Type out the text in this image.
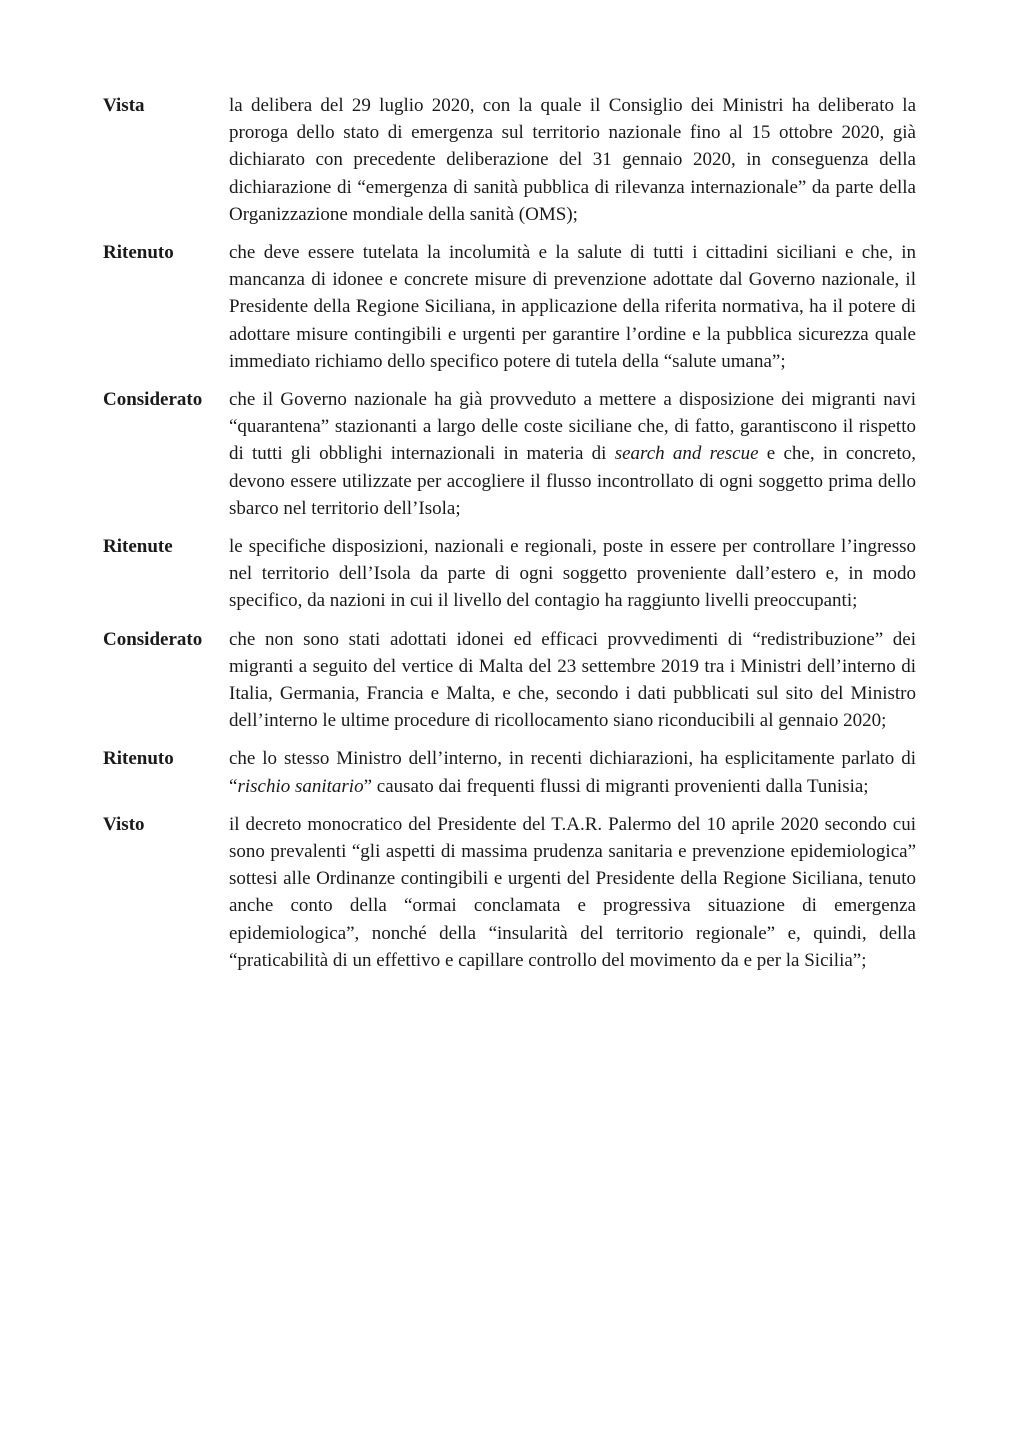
Vista	la delibera del 29 luglio 2020, con la quale il Consiglio dei Ministri ha deliberato la proroga dello stato di emergenza sul territorio nazionale fino al 15 ottobre 2020, già dichiarato con precedente deliberazione del 31 gennaio 2020, in conseguenza della dichiarazione di “emergenza di sanità pubblica di rilevanza internazionale” da parte della Organizzazione mondiale della sanità (OMS);
Ritenuto	che deve essere tutelata la incolumità e la salute di tutti i cittadini siciliani e che, in mancanza di idonee e concrete misure di prevenzione adottate dal Governo nazionale, il Presidente della Regione Siciliana, in applicazione della riferita normativa, ha il potere di adottare misure contingibili e urgenti per garantire l’ordine e la pubblica sicurezza quale immediato richiamo dello specifico potere di tutela della “salute umana”;
Considerato	che il Governo nazionale ha già provveduto a mettere a disposizione dei migranti navi “quarantena” stazionanti a largo delle coste siciliane che, di fatto, garantiscono il rispetto di tutti gli obblighi internazionali in materia di search and rescue e che, in concreto, devono essere utilizzate per accogliere il flusso incontrollato di ogni soggetto prima dello sbarco nel territorio dell’Isola;
Ritenute	le specifiche disposizioni, nazionali e regionali, poste in essere per controllare l’ingresso nel territorio dell’Isola da parte di ogni soggetto proveniente dall’estero e, in modo specifico, da nazioni in cui il livello del contagio ha raggiunto livelli preoccupanti;
Considerato	che non sono stati adottati idonei ed efficaci provvedimenti di “redistribuzione” dei migranti a seguito del vertice di Malta del 23 settembre 2019 tra i Ministri dell’interno di Italia, Germania, Francia e Malta, e che, secondo i dati pubblicati sul sito del Ministro dell’interno le ultime procedure di ricollocamento siano riconducibili al gennaio 2020;
Ritenuto	che lo stesso Ministro dell’interno, in recenti dichiarazioni, ha esplicitamente parlato di “rischio sanitario” causato dai frequenti flussi di migranti provenienti dalla Tunisia;
Visto	il decreto monocratico del Presidente del T.A.R. Palermo del 10 aprile 2020 secondo cui sono prevalenti “gli aspetti di massima prudenza sanitaria e prevenzione epidemiologica” sottesi alle Ordinanze contingibili e urgenti del Presidente della Regione Siciliana, tenuto anche conto della “ormai conclamata e progressiva situazione di emergenza epidemiologica”, nonché della “insularità del territorio regionale” e, quindi, della “praticabilità di un effettivo e capillare controllo del movimento da e per la Sicilia”;
